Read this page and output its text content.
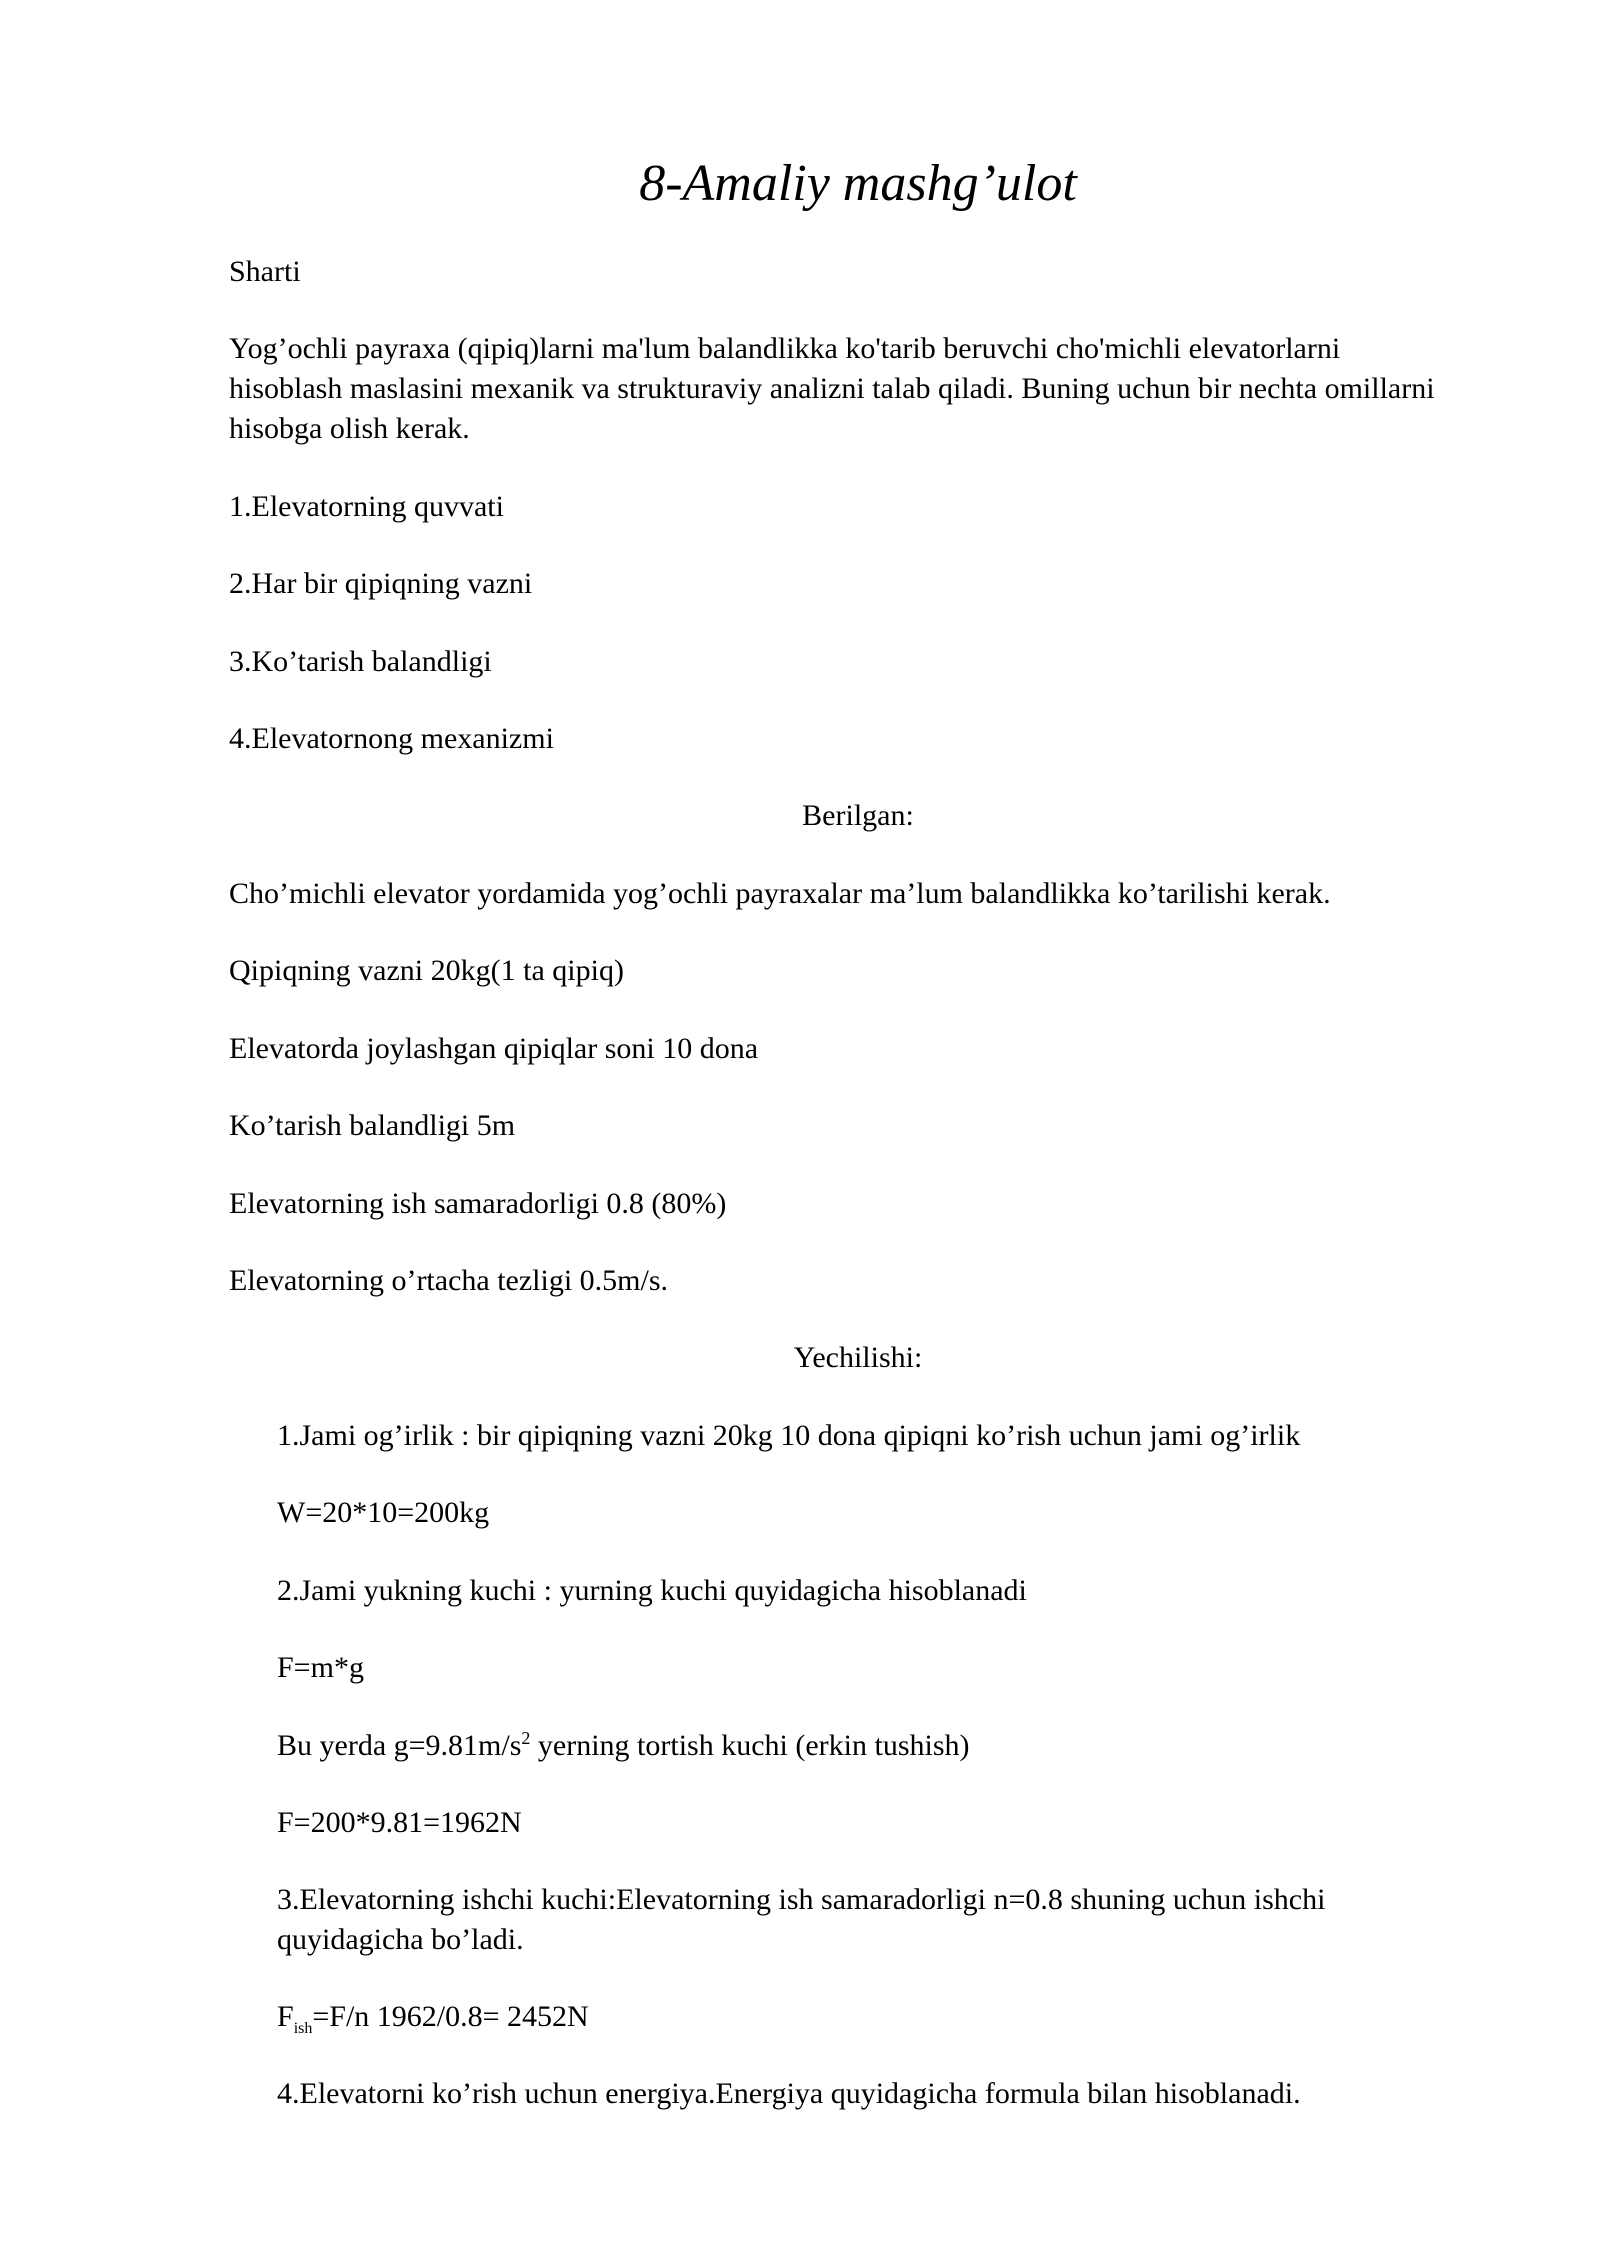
8-Amaliy mashg’ulot

Sharti

Yog’ochli payraxa (qipiq)larni ma'lum balandlikka ko'tarib beruvchi cho'michli elevatorlarni hisoblash maslasini mexanik va strukturaviy analizni talab qiladi. Buning uchun bir nechta omillarni hisobga olish kerak.

1.Elevatorning quvvati

2.Har bir qipiqning vazni

3.Ko’tarish balandligi

4.Elevatornong mexanizmi

Berilgan:

Cho’michli elevator yordamida yog’ochli payraxalar ma’lum balandlikka ko’tarilishi kerak.

Qipiqning vazni 20kg(1 ta qipiq)

Elevatorda joylashgan qipiqlar soni 10 dona

Ko’tarish balandligi 5m

Elevatorning ish samaradorligi 0.8 (80%)

Elevatorning o’rtacha tezligi 0.5m/s.

Yechilishi:

1.Jami og’irlik : bir qipiqning vazni 20kg 10 dona qipiqni ko’rish uchun jami og’irlik

W=20*10=200kg

2.Jami yukning kuchi : yurning kuchi quyidagicha hisoblanadi

F=m*g

Bu yerda $g=9.81m/s^2$ yerning tortish kuchi (erkin tushish)

F=200*9.81=1962N

3.Elevatorning ishchi kuchi:Elevatorning ish samaradorligi n=0.8 shuning uchun ishchi quyidagicha bo’ladi.

$F_{ish}=F/n$ 1962/0.8= 2452N

4.Elevatorni ko’rish uchun energiya.Energiya quyidagicha formula bilan hisoblanadi.
